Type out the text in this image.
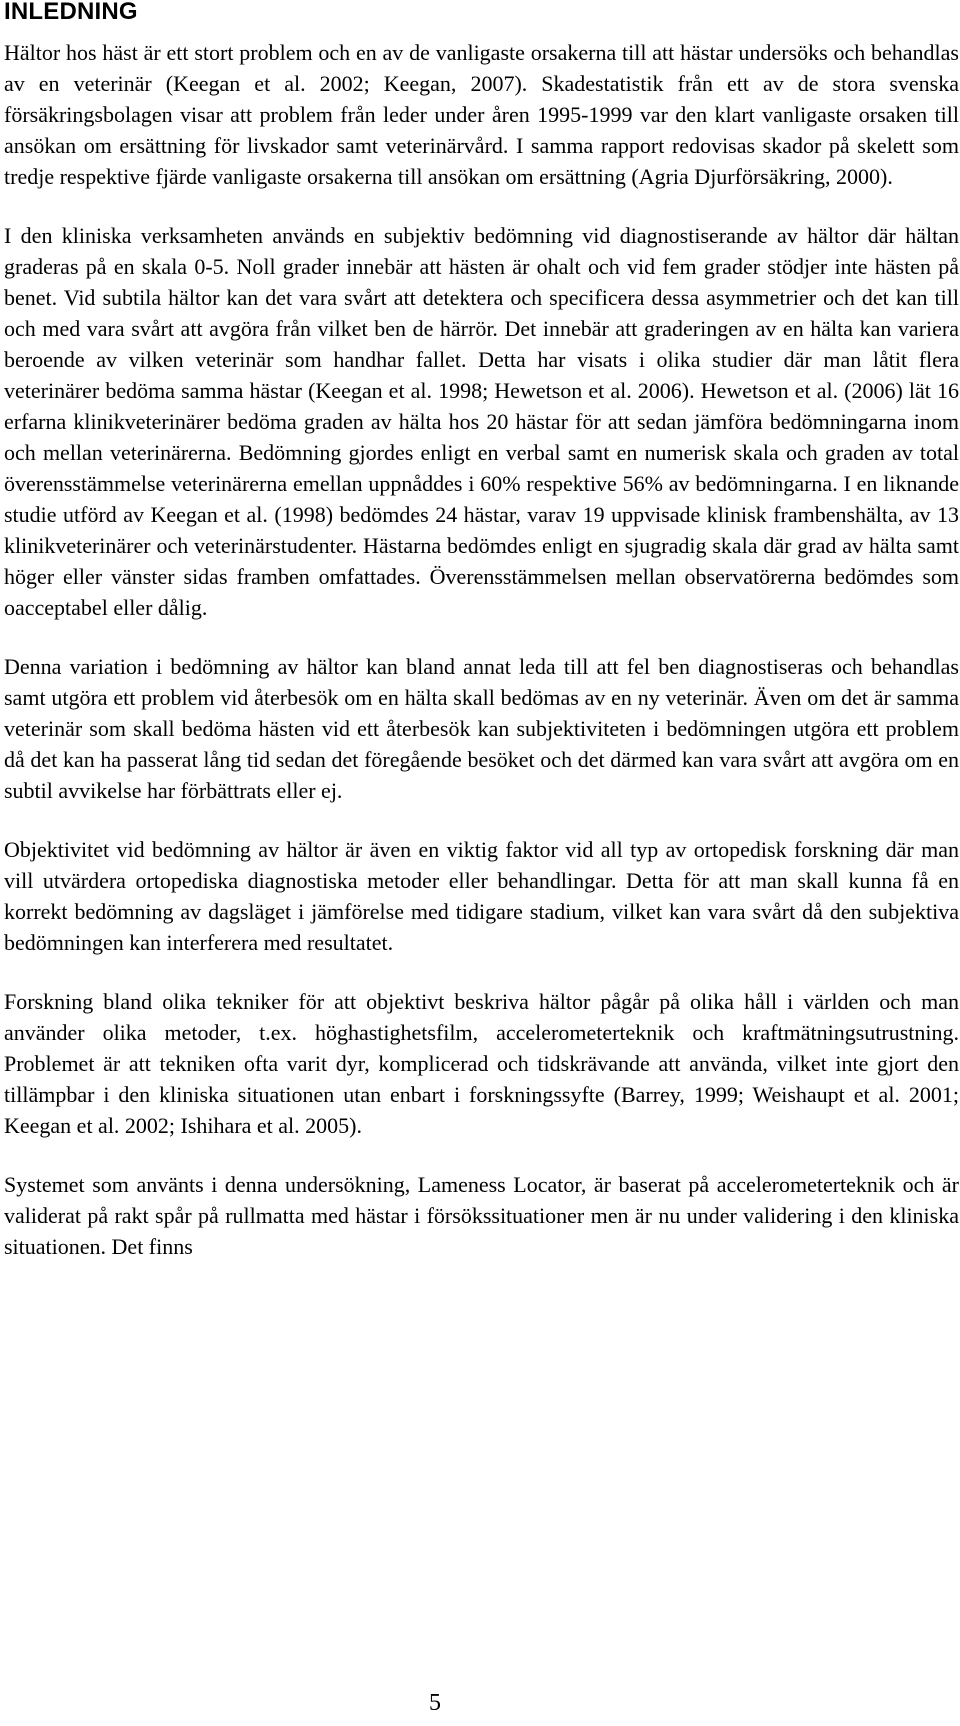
INLEDNING

Hältor hos häst är ett stort problem och en av de vanligaste orsakerna till att hästar undersöks och behandlas av en veterinär (Keegan et al. 2002; Keegan, 2007). Skadestatistik från ett av de stora svenska försäkringsbolagen visar att problem från leder under åren 1995-1999 var den klart vanligaste orsaken till ansökan om ersättning för livskador samt veterinärvård. I samma rapport redovisas skador på skelett som tredje respektive fjärde vanligaste orsakerna till ansökan om ersättning (Agria Djurförsäkring, 2000).

I den kliniska verksamheten används en subjektiv bedömning vid diagnostiserande av hältor där hältan graderas på en skala 0-5. Noll grader innebär att hästen är ohalt och vid fem grader stödjer inte hästen på benet. Vid subtila hältor kan det vara svårt att detektera och specificera dessa asymmetrier och det kan till och med vara svårt att avgöra från vilket ben de härrör. Det innebär att graderingen av en hälta kan variera beroende av vilken veterinär som handhar fallet. Detta har visats i olika studier där man låtit flera veterinärer bedöma samma hästar (Keegan et al. 1998; Hewetson et al. 2006). Hewetson et al. (2006) lät 16 erfarna klinikveterinärer bedöma graden av hälta hos 20 hästar för att sedan jämföra bedömningarna inom och mellan veterinärerna. Bedömning gjordes enligt en verbal samt en numerisk skala och graden av total överensstämmelse veterinärerna emellan uppnåddes i 60% respektive 56% av bedömningarna. I en liknande studie utförd av Keegan et al. (1998) bedömdes 24 hästar, varav 19 uppvisade klinisk frambenshälta, av 13 klinikveterinärer och veterinärstudenter. Hästarna bedömdes enligt en sjugradig skala där grad av hälta samt höger eller vänster sidas framben omfattades. Överensstämmelsen mellan observatörerna bedömdes som oacceptabel eller dålig.

Denna variation i bedömning av hältor kan bland annat leda till att fel ben diagnostiseras och behandlas samt utgöra ett problem vid återbesök om en hälta skall bedömas av en ny veterinär. Även om det är samma veterinär som skall bedöma hästen vid ett återbesök kan subjektiviteten i bedömningen utgöra ett problem då det kan ha passerat lång tid sedan det föregående besöket och det därmed kan vara svårt att avgöra om en subtil avvikelse har förbättrats eller ej.

Objektivitet vid bedömning av hältor är även en viktig faktor vid all typ av ortopedisk forskning där man vill utvärdera ortopediska diagnostiska metoder eller behandlingar. Detta för att man skall kunna få en korrekt bedömning av dagsläget i jämförelse med tidigare stadium, vilket kan vara svårt då den subjektiva bedömningen kan interferera med resultatet.

Forskning bland olika tekniker för att objektivt beskriva hältor pågår på olika håll i världen och man använder olika metoder, t.ex. höghastighetsfilm, accelerometerteknik och kraftmätningsutrustning. Problemet är att tekniken ofta varit dyr, komplicerad och tidskrävande att använda, vilket inte gjort den tillämpbar i den kliniska situationen utan enbart i forskningssyfte (Barrey, 1999; Weishaupt et al. 2001; Keegan et al. 2002; Ishihara et al. 2005).

Systemet som använts i denna undersökning, Lameness Locator, är baserat på accelerometerteknik och är validerat på rakt spår på rullmatta med hästar i försökssituationer men är nu under validering i den kliniska situationen. Det finns

5
